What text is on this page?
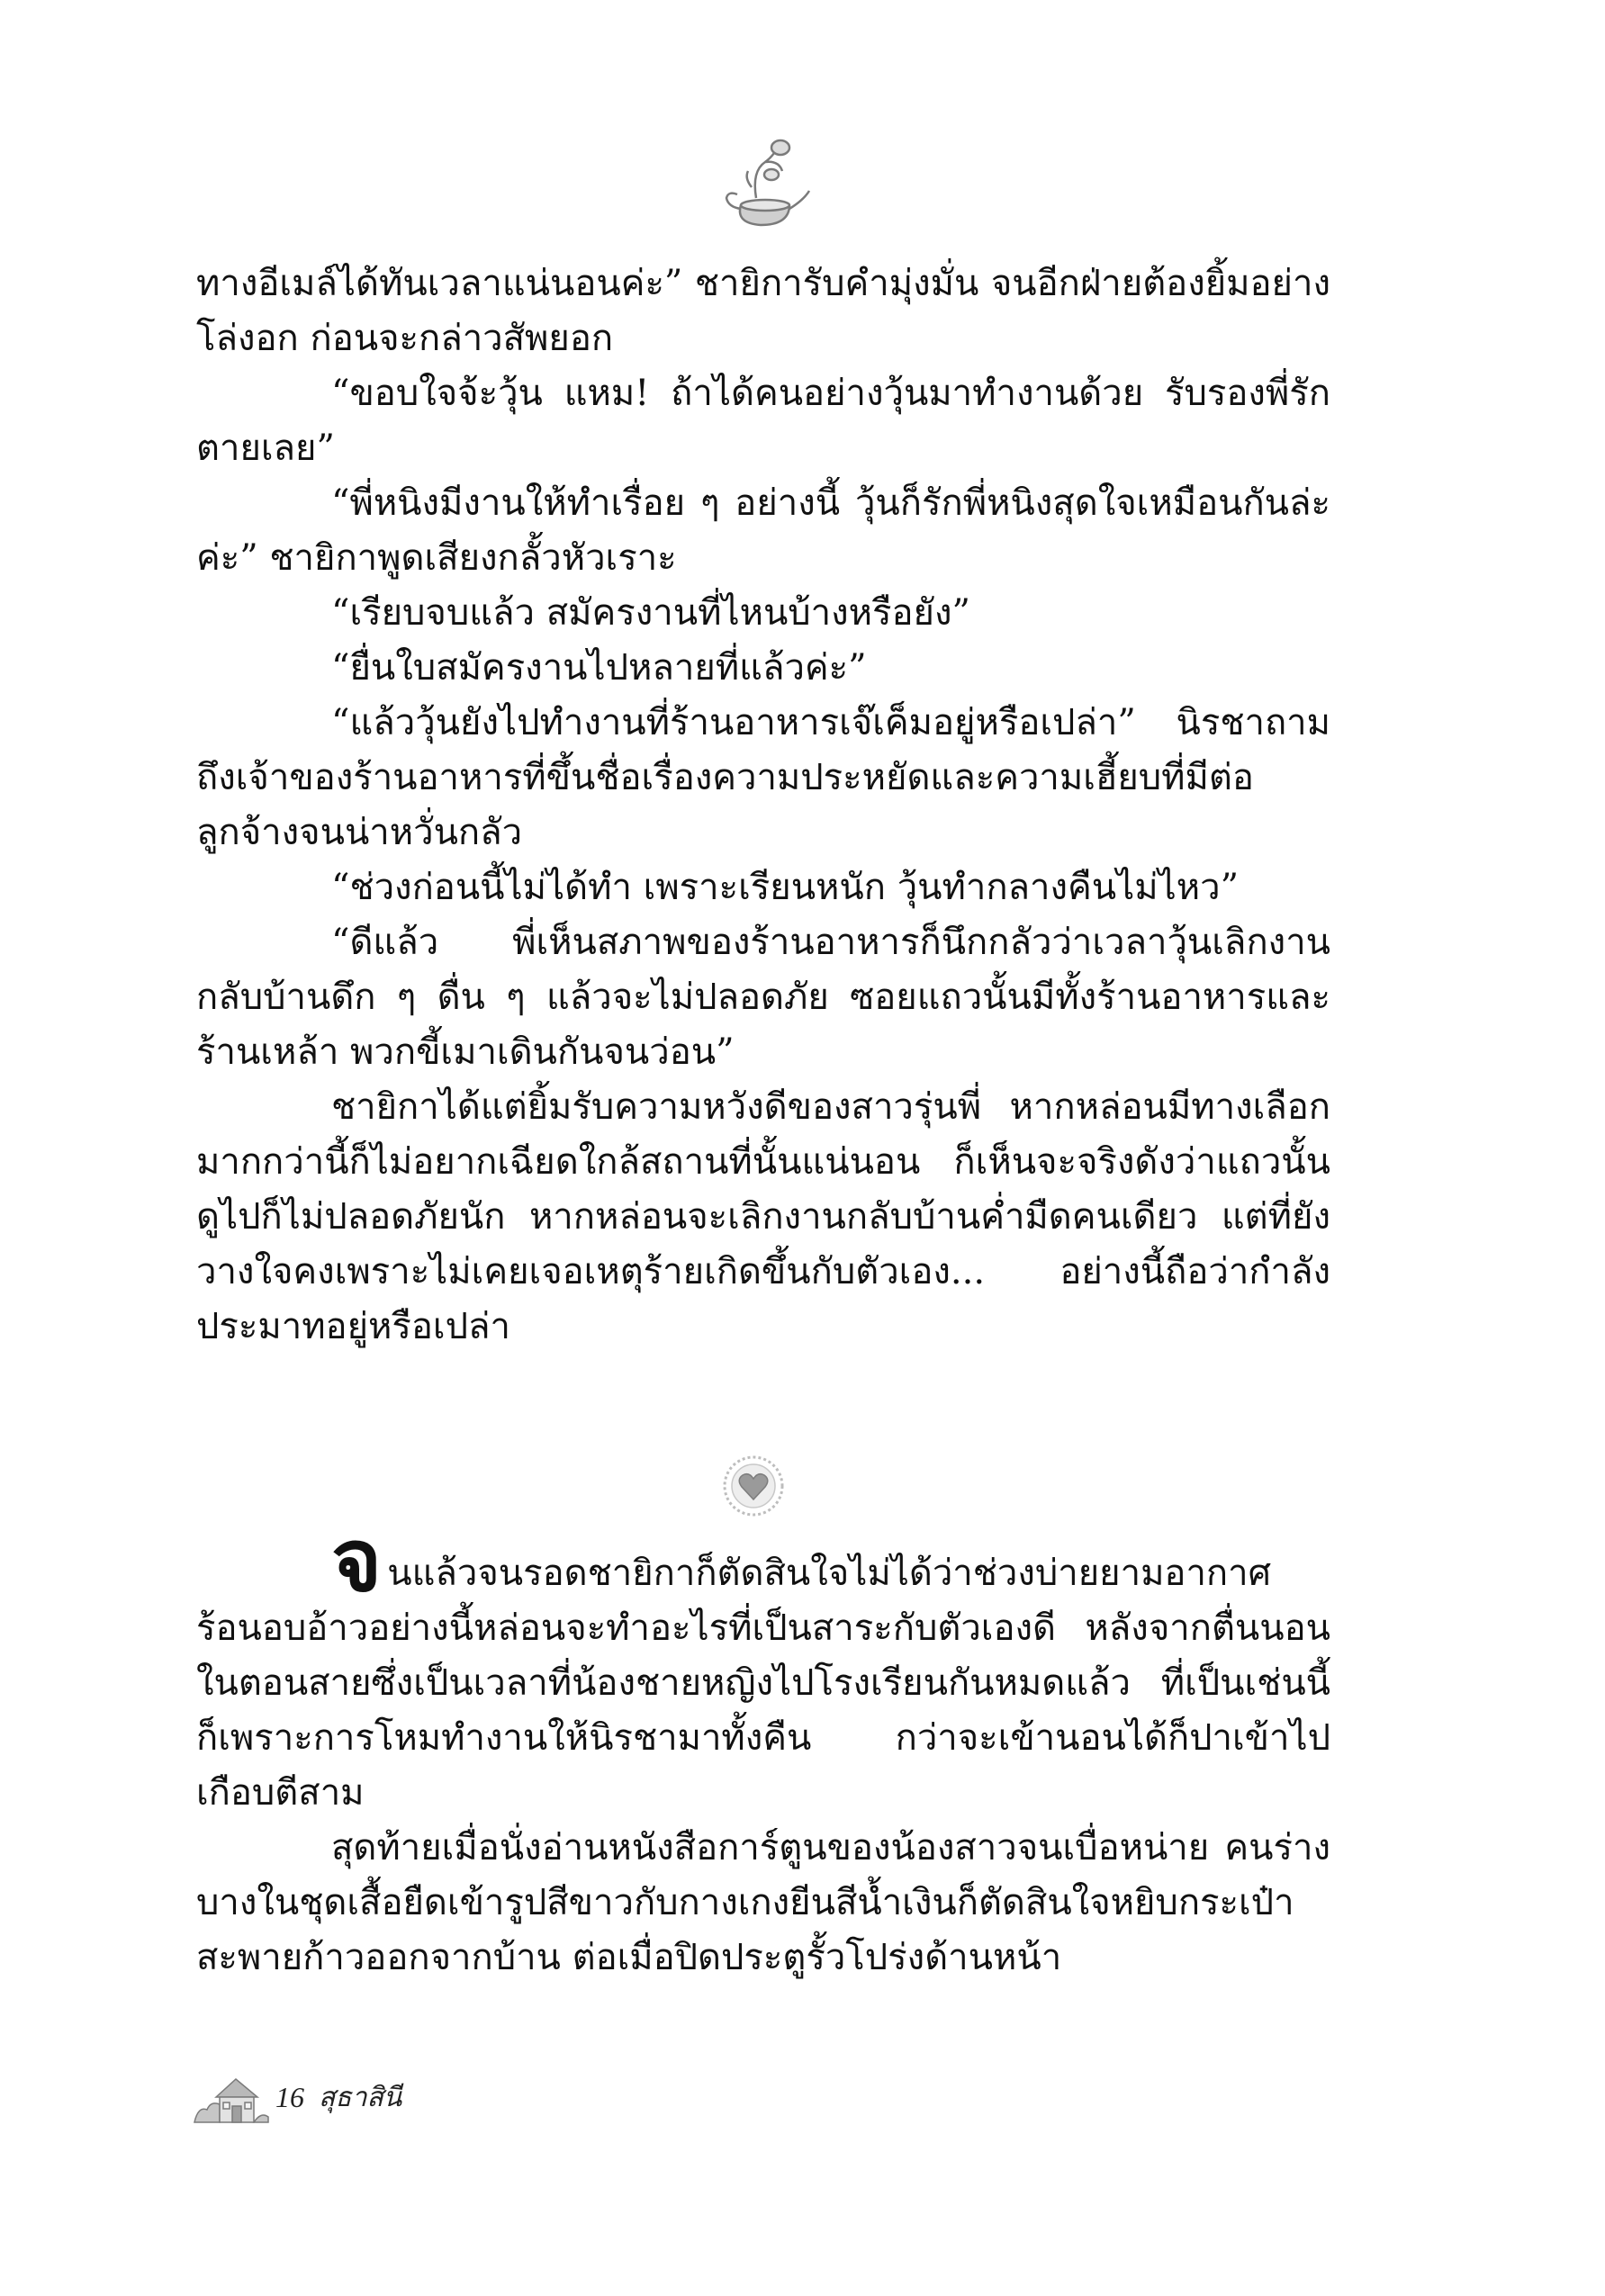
ทางอีเมล์ได้ทันเวลาแน่นอนค่ะ” ชายิการับคำมุ่งมั่น จนอีกฝ่ายต้องยิ้มอย่างโล่งอก ก่อนจะกล่าวสัพยอก

“ขอบใจจ้ะวุ้น แหม! ถ้าได้คนอย่างวุ้นมาทำงานด้วย รับรองพี่รักตายเลย”

“พี่หนิงมีงานให้ทำเรื่อย ๆ อย่างนี้ วุ้นก็รักพี่หนิงสุดใจเหมือนกันล่ะค่ะ” ชายิกาพูดเสียงกลั้วหัวเราะ

“เรียบจบแล้ว สมัครงานที่ไหนบ้างหรือยัง”

“ยื่นใบสมัครงานไปหลายที่แล้วค่ะ”

“แล้ววุ้นยังไปทำงานที่ร้านอาหารเจ๊เค็มอยู่หรือเปล่า” นิรชาถามถึงเจ้าของร้านอาหารที่ขึ้นชื่อเรื่องความประหยัดและความเฮี้ยบที่มีต่อลูกจ้างจนน่าหวั่นกลัว

“ช่วงก่อนนี้ไม่ได้ทำ เพราะเรียนหนัก วุ้นทำกลางคืนไม่ไหว”

“ดีแล้ว พี่เห็นสภาพของร้านอาหารก็นึกกลัวว่าเวลาวุ้นเลิกงานกลับบ้านดึก ๆ ดื่น ๆ แล้วจะไม่ปลอดภัย ซอยแถวนั้นมีทั้งร้านอาหารและร้านเหล้า พวกขี้เมาเดินกันจนว่อน”

ชายิกาได้แต่ยิ้มรับความหวังดีของสาวรุ่นพี่ หากหล่อนมีทางเลือกมากกว่านี้ก็ไม่อยากเฉียดใกล้สถานที่นั้นแน่นอน ก็เห็นจะจริงดังว่าแถวนั้นดูไปก็ไม่ปลอดภัยนัก หากหล่อนจะเลิกงานกลับบ้านค่ำมืดคนเดียว แต่ที่ยังวางใจคงเพราะไม่เคยเจอเหตุร้ายเกิดขึ้นกับตัวเอง... อย่างนี้ถือว่ากำลังประมาทอยู่หรือเปล่า

จนแล้วจนรอดชายิกาก็ตัดสินใจไม่ได้ว่าช่วงบ่ายยามอากาศร้อนอบอ้าวอย่างนี้หล่อนจะทำอะไรที่เป็นสาระกับตัวเองดี หลังจากตื่นนอนในตอนสายซึ่งเป็นเวลาที่น้องชายหญิงไปโรงเรียนกันหมดแล้ว ที่เป็นเช่นนี้ก็เพราะการโหมทำงานให้นิรชามาทั้งคืน กว่าจะเข้านอนได้ก็ปาเข้าไปเกือบตีสาม

สุดท้ายเมื่อนั่งอ่านหนังสือการ์ตูนของน้องสาวจนเบื่อหน่าย คนร่างบางในชุดเสื้อยืดเข้ารูปสีขาวกับกางเกงยีนสีน้ำเงินก็ตัดสินใจหยิบกระเป๋าสะพายก้าวออกจากบ้าน ต่อเมื่อปิดประตูรั้วโปร่งด้านหน้า

16 สุธาสินี
